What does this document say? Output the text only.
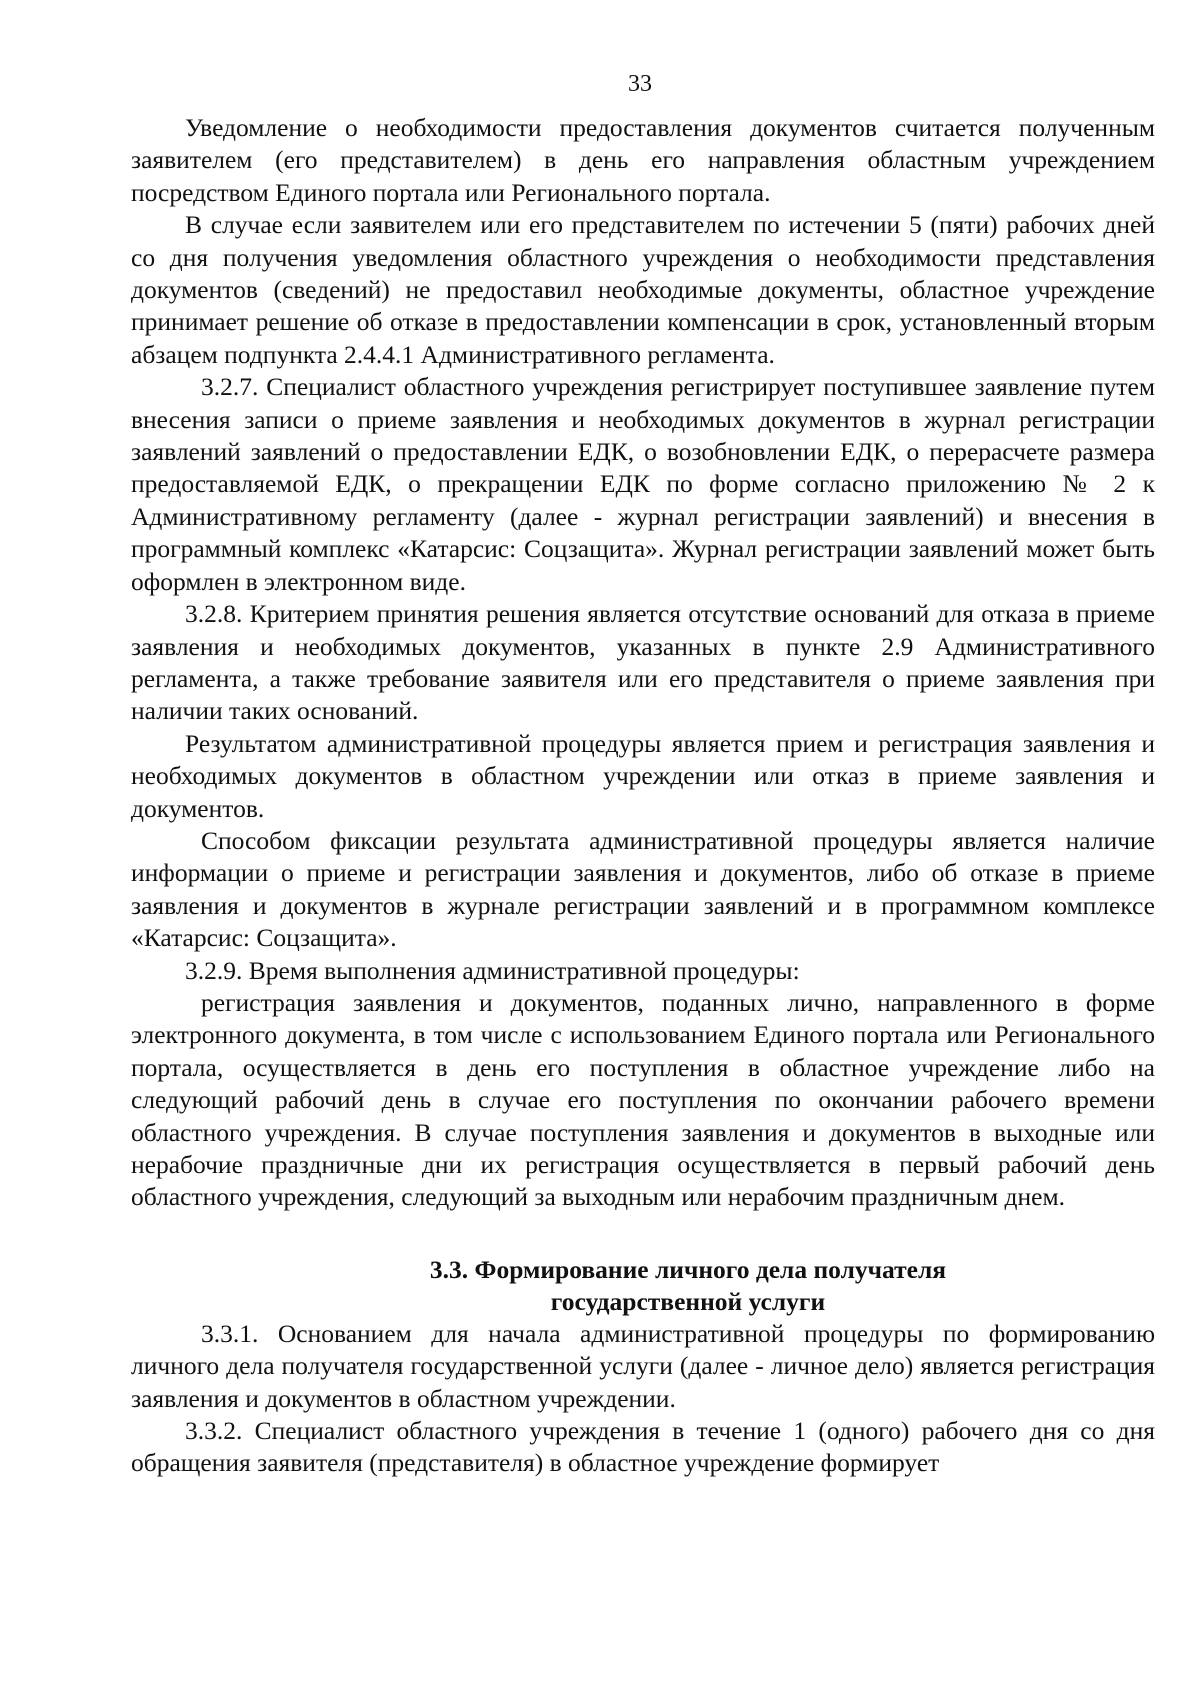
33

Уведомление о необходимости предоставления документов считается полученным заявителем (его представителем) в день его направления областным учреждением посредством Единого портала или Регионального портала.

В случае если заявителем или его представителем по истечении 5 (пяти) рабочих дней со дня получения уведомления областного учреждения о необходимости представления документов (сведений) не предоставил необходимые документы, областное учреждение принимает решение об отказе в предоставлении компенсации в срок, установленный вторым абзацем подпункта 2.4.4.1 Административного регламента.

3.2.7. Специалист областного учреждения регистрирует поступившее заявление путем внесения записи о приеме заявления и необходимых документов в журнал регистрации заявлений заявлений о предоставлении ЕДК, о возобновлении ЕДК, о перерасчете размера предоставляемой ЕДК, о прекращении ЕДК по форме согласно приложению № 2 к Административному регламенту (далее - журнал регистрации заявлений) и внесения в программный комплекс «Катарсис: Соцзащита». Журнал регистрации заявлений может быть оформлен в электронном виде.

3.2.8. Критерием принятия решения является отсутствие оснований для отказа в приеме заявления и необходимых документов, указанных в пункте 2.9 Административного регламента, а также требование заявителя или его представителя о приеме заявления при наличии таких оснований.

Результатом административной процедуры является прием и регистрация заявления и необходимых документов в областном учреждении или отказ в приеме заявления и документов.

Способом фиксации результата административной процедуры является наличие информации о приеме и регистрации заявления и документов, либо об отказе в приеме заявления и документов в журнале регистрации заявлений и в программном комплексе «Катарсис: Соцзащита».

3.2.9. Время выполнения административной процедуры:

регистрация заявления и документов, поданных лично, направленного в форме электронного документа, в том числе с использованием Единого портала или Регионального портала, осуществляется в день его поступления в областное учреждение либо на следующий рабочий день в случае его поступления по окончании рабочего времени областного учреждения. В случае поступления заявления и документов в выходные или нерабочие праздничные дни их регистрация осуществляется в первый рабочий день областного учреждения, следующий за выходным или нерабочим праздничным днем.

3.3. Формирование личного дела получателя
государственной услуги

3.3.1. Основанием для начала административной процедуры по формированию личного дела получателя государственной услуги (далее - личное дело) является регистрация заявления и документов в областном учреждении.

3.3.2. Специалист областного учреждения в течение 1 (одного) рабочего дня со дня обращения заявителя (представителя) в областное учреждение формирует
